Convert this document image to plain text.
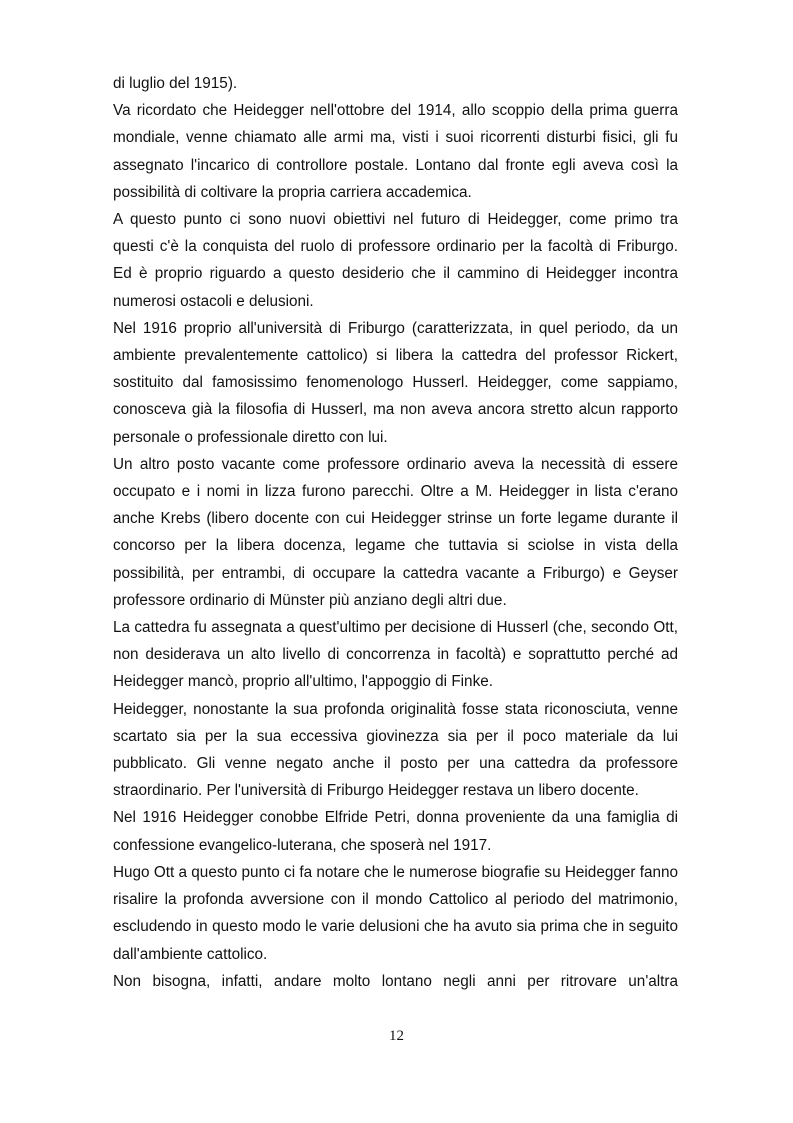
di luglio del 1915).

Va ricordato che Heidegger nell'ottobre del 1914, allo scoppio della prima guerra mondiale, venne chiamato alle armi ma, visti i suoi ricorrenti disturbi fisici, gli fu assegnato l'incarico di controllore postale. Lontano dal fronte egli aveva così la possibilità di coltivare la propria carriera accademica.

A questo punto ci sono nuovi obiettivi nel futuro di Heidegger, come primo tra questi c'è la conquista del ruolo di professore ordinario per la facoltà di Friburgo. Ed è proprio riguardo a questo desiderio che il cammino di Heidegger incontra numerosi ostacoli e delusioni.

Nel 1916 proprio all'università di Friburgo (caratterizzata, in quel periodo, da un ambiente prevalentemente cattolico) si libera la cattedra del professor Rickert, sostituito dal famosissimo fenomenologo Husserl. Heidegger, come sappiamo, conosceva già la filosofia di Husserl, ma non aveva ancora stretto alcun rapporto personale o professionale diretto con lui.

Un altro posto vacante come professore ordinario aveva la necessità di essere occupato e i nomi in lizza furono parecchi. Oltre a M. Heidegger in lista c'erano anche Krebs (libero docente con cui Heidegger strinse un forte legame durante il concorso per la libera docenza, legame che tuttavia si sciolse in vista della possibilità, per entrambi, di occupare la cattedra vacante a Friburgo) e Geyser professore ordinario di Münster più anziano degli altri due.

La cattedra fu assegnata a quest'ultimo per decisione di Husserl (che, secondo Ott, non desiderava un alto livello di concorrenza in facoltà) e soprattutto perché ad Heidegger mancò, proprio all'ultimo, l'appoggio di Finke.

Heidegger, nonostante la sua profonda originalità fosse stata riconosciuta, venne scartato sia per la sua eccessiva giovinezza sia per il poco materiale da lui pubblicato. Gli venne negato anche il posto per una cattedra da professore straordinario. Per l'università di Friburgo Heidegger restava un libero docente.

Nel 1916 Heidegger conobbe Elfride Petri, donna proveniente da una famiglia di confessione evangelico-luterana, che sposerà nel 1917.

Hugo Ott a questo punto ci fa notare che le numerose biografie su Heidegger fanno risalire la profonda avversione con il mondo Cattolico al periodo del matrimonio, escludendo in questo modo le varie delusioni che ha avuto sia prima che in seguito dall'ambiente cattolico.

Non bisogna, infatti, andare molto lontano negli anni per ritrovare un'altra

12
